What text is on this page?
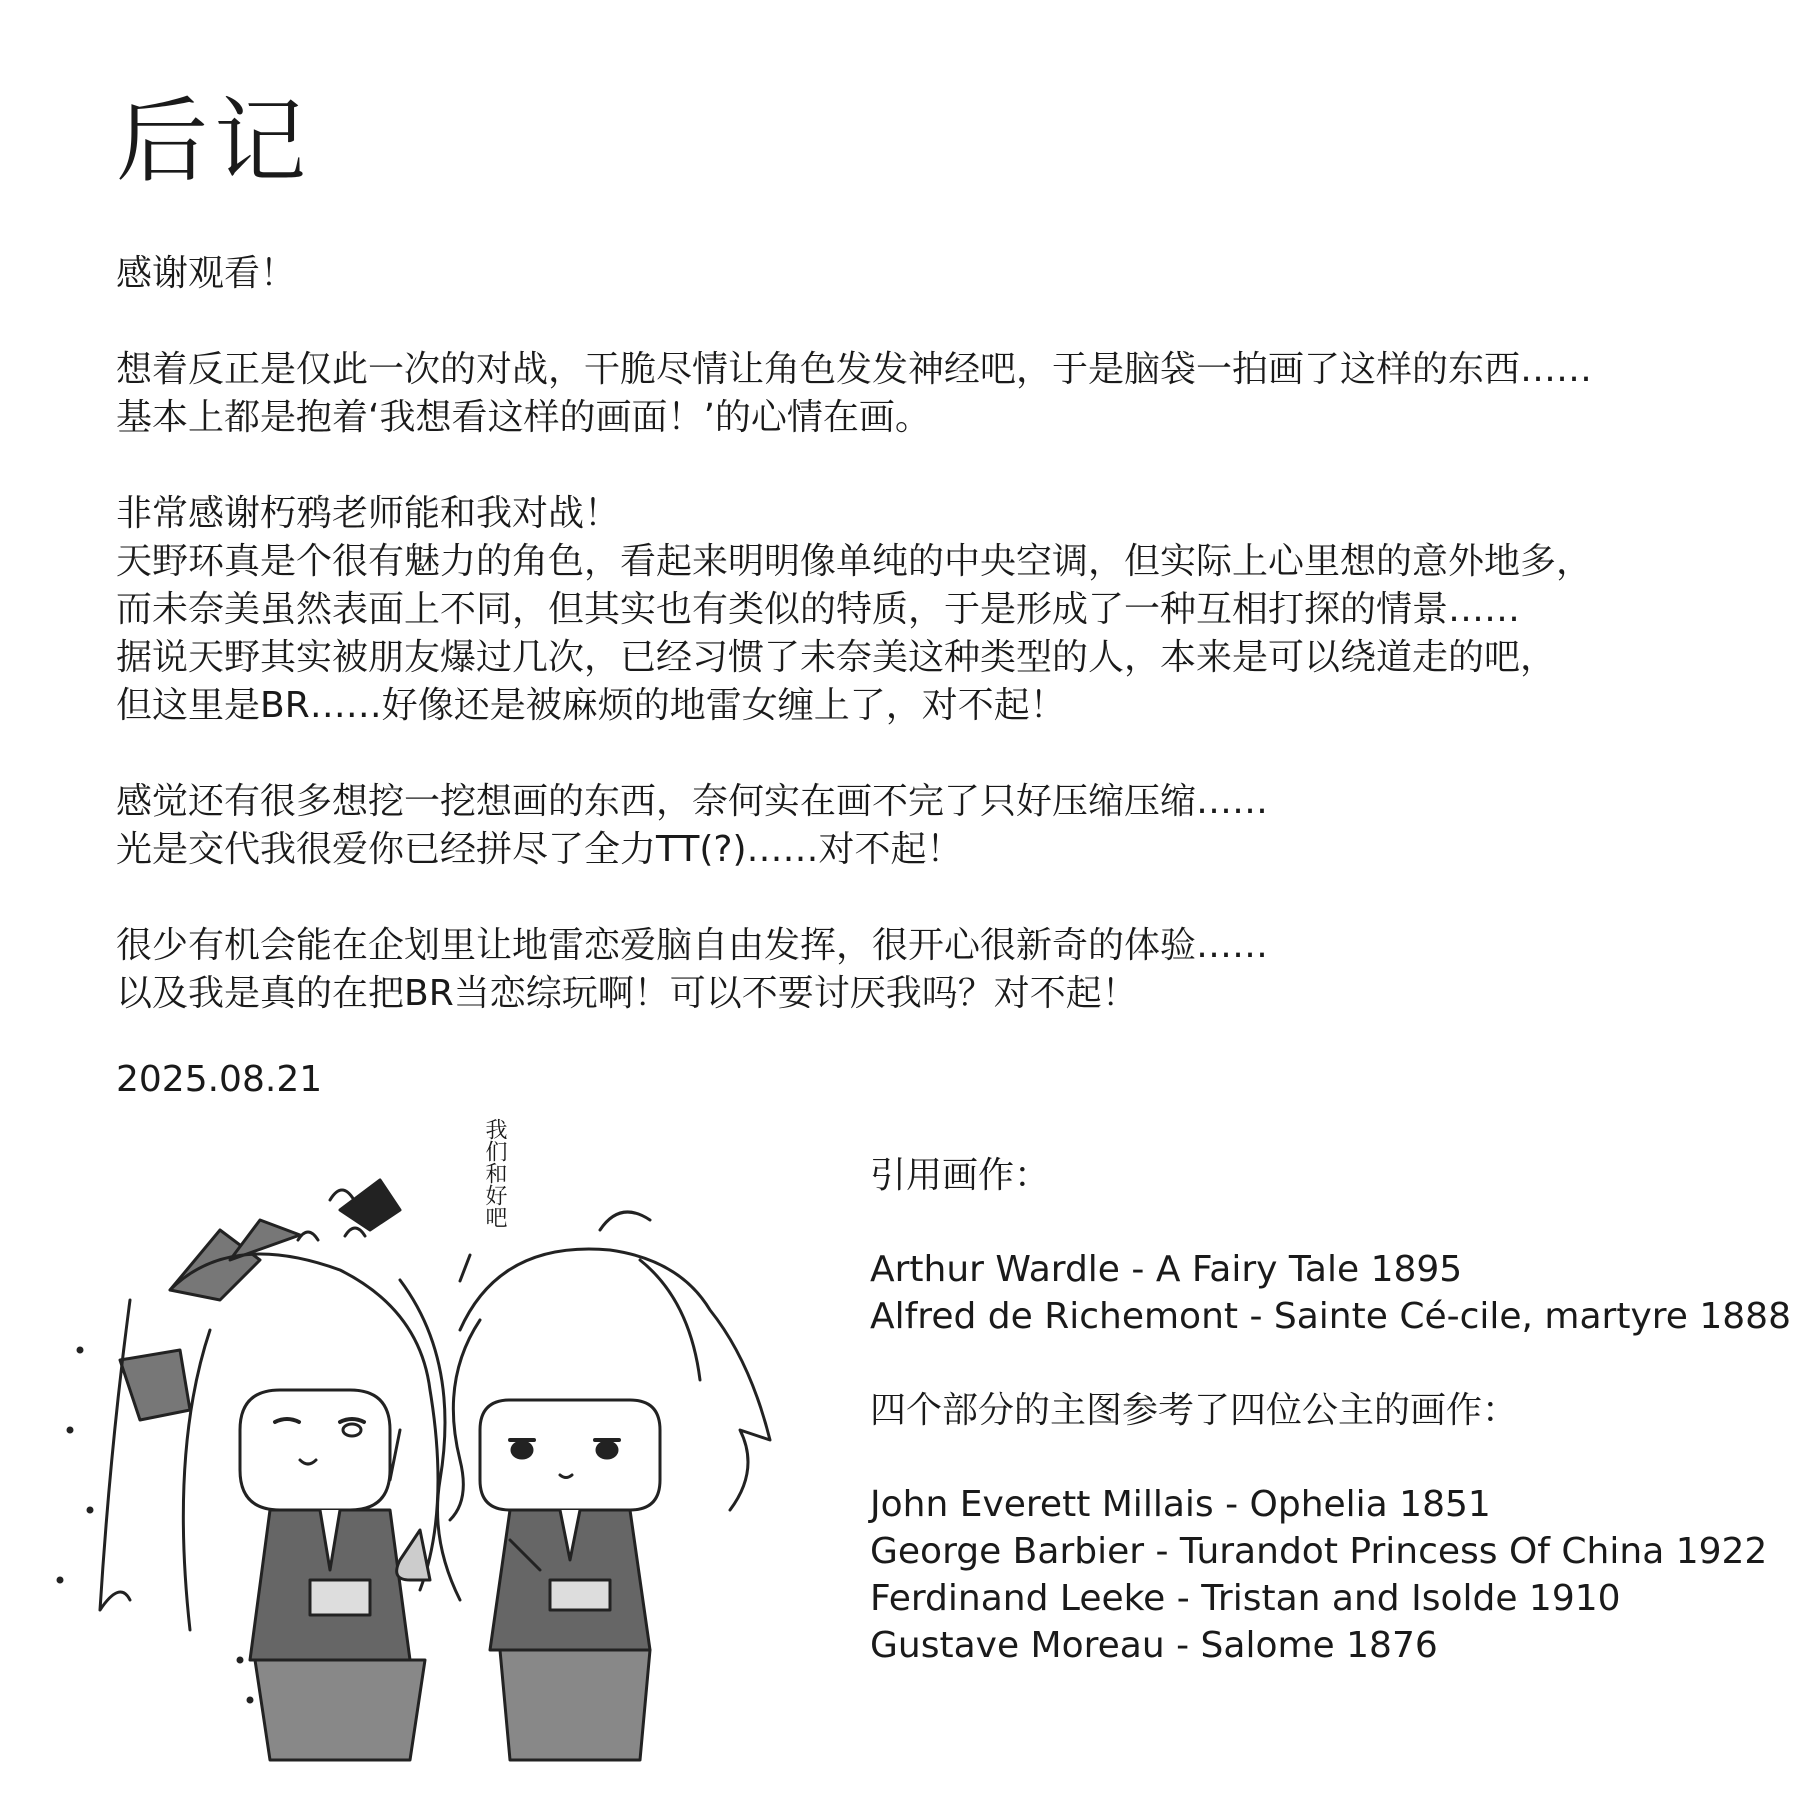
后记

感谢观看！

想着反正是仅此一次的对战，干脆尽情让角色发发神经吧，于是脑袋一拍画了这样的东西……
基本上都是抱着‘我想看这样的画面！’的心情在画。

非常感谢朽鸦老师能和我对战！
天野环真是个很有魅力的角色，看起来明明像单纯的中央空调，但实际上心里想的意外地多，
而未奈美虽然表面上不同，但其实也有类似的特质，于是形成了一种互相打探的情景……
据说天野其实被朋友爆过几次，已经习惯了未奈美这种类型的人，本来是可以绕道走的吧，
但这里是BR……好像还是被麻烦的地雷女缠上了，对不起！

感觉还有很多想挖一挖想画的东西，奈何实在画不完了只好压缩压缩……
光是交代我很爱你已经拼尽了全力TT(?)……对不起！

很少有机会能在企划里让地雷恋爱脑自由发挥，很开心很新奇的体验……
以及我是真的在把BR当恋综玩啊！可以不要讨厌我吗？对不起！

2025.08.21
我们和好吧	引用画作：

Arthur Wardle - A Fairy Tale 1895
Alfred de Richemont - Sainte Cé-cile, martyre 1888

四个部分的主图参考了四位公主的画作：

John Everett Millais - Ophelia 1851
George Barbier - Turandot Princess Of China 1922
Ferdinand Leeke - Tristan and Isolde 1910
Gustave Moreau - Salome 1876
